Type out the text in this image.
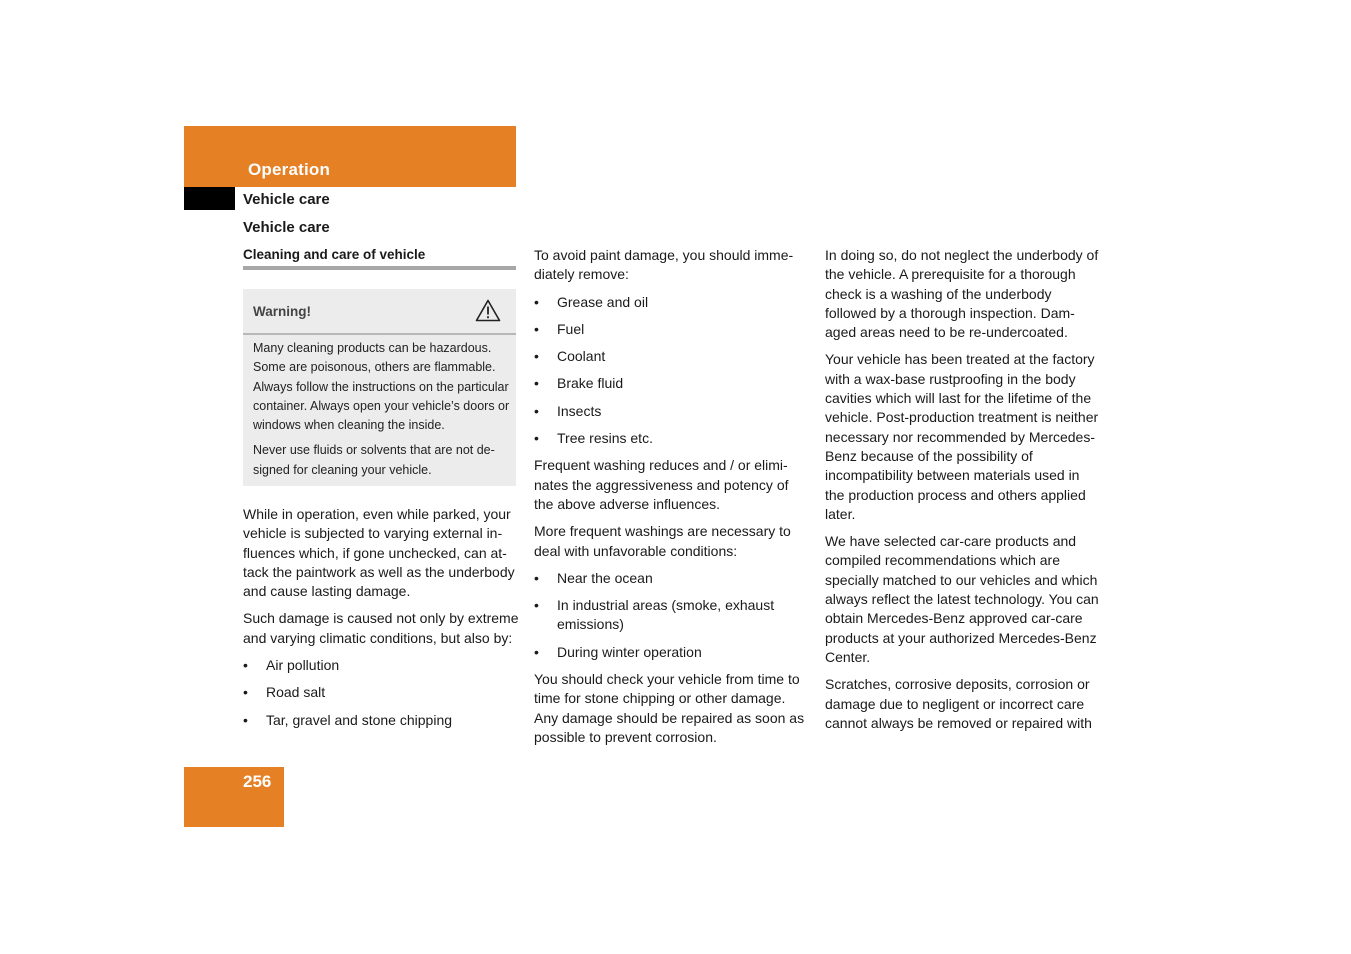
Operation
Vehicle care
Vehicle care
Cleaning and care of vehicle
Warning!

Many cleaning products can be hazardous. Some are poisonous, others are flammable. Always follow the instructions on the particular container. Always open your vehicle’s doors or windows when cleaning the inside.

Never use fluids or solvents that are not designed for cleaning your vehicle.

While in operation, even while parked, your vehicle is subjected to varying external influences which, if gone unchecked, can attack the paintwork as well as the underbody and cause lasting damage.

Such damage is caused not only by extreme and varying climatic conditions, but also by:

• Air pollution
• Road salt
• Tar, gravel and stone chipping

To avoid paint damage, you should immediately remove:

• Grease and oil
• Fuel
• Coolant
• Brake fluid
• Insects
• Tree resins etc.

Frequent washing reduces and / or eliminates the aggressiveness and potency of the above adverse influences.

More frequent washings are necessary to deal with unfavorable conditions:

• Near the ocean
• In industrial areas (smoke, exhaust emissions)
• During winter operation

You should check your vehicle from time to time for stone chipping or other damage. Any damage should be repaired as soon as possible to prevent corrosion.

In doing so, do not neglect the underbody of the vehicle. A prerequisite for a thorough check is a washing of the underbody followed by a thorough inspection. Damaged areas need to be re-undercoated.

Your vehicle has been treated at the factory with a wax-base rustproofing in the body cavities which will last for the lifetime of the vehicle. Post-production treatment is neither necessary nor recommended by Mercedes-Benz because of the possibility of incompatibility between materials used in the production process and others applied later.

We have selected car-care products and compiled recommendations which are specially matched to our vehicles and which always reflect the latest technology. You can obtain Mercedes-Benz approved car-care products at your authorized Mercedes-Benz Center.

Scratches, corrosive deposits, corrosion or damage due to negligent or incorrect care cannot always be removed or repaired with

256
